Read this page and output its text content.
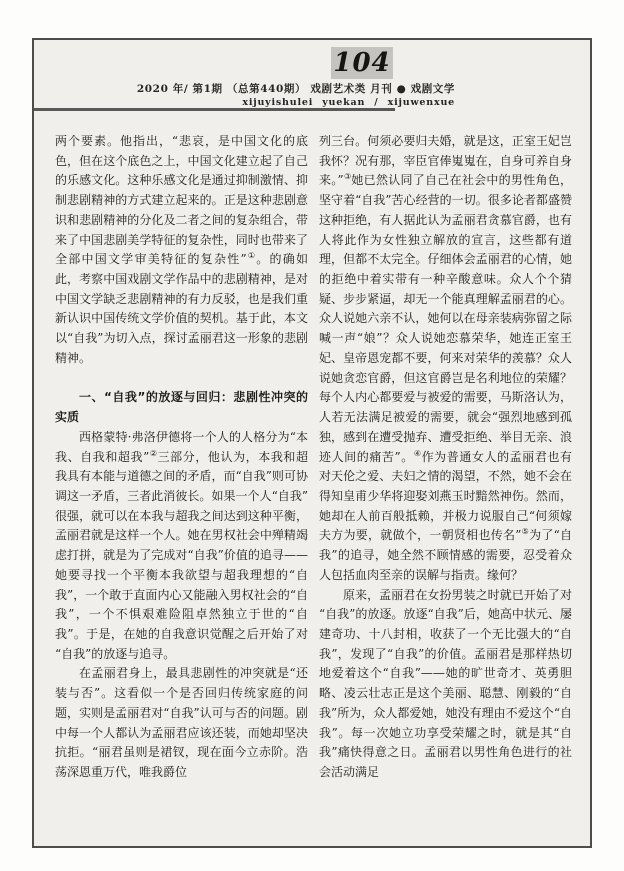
104
2020 年/ 第1期 （总第440期） 戏剧艺术类 月刊 ● 戏剧文学
xijuyishulei yuekan / xijuwenxue

两个要素。他指出，“悲哀，是中国文化的底色，但在这个底色之上，中国文化建立起了自己的乐感文化。这种乐感文化是通过抑制激情、抑制悲剧精神的方式建立起来的。正是这种悲剧意识和悲剧精神的分化及二者之间的复杂组合，带来了中国悲剧美学特征的复杂性，同时也带来了全部中国文学审美特征的复杂性”①。的确如此，考察中国戏剧文学作品中的悲剧精神，是对中国文学缺乏悲剧精神的有力反驳，也是我们重新认识中国传统文学价值的契机。基于此，本文以“自我”为切入点，探讨孟丽君这一形象的悲剧精神。

一、“自我”的放逐与回归：悲剧性冲突的实质

西格蒙特·弗洛伊德将一个人的人格分为“本我、自我和超我”②三部分，他认为，本我和超我具有本能与道德之间的矛盾，而“自我”则可协调这一矛盾，三者此消彼长。如果一个人“自我”很强，就可以在本我与超我之间达到这种平衡，孟丽君就是这样一个人。她在男权社会中殚精竭虑打拼，就是为了完成对“自我”价值的追寻——她要寻找一个平衡本我欲望与超我理想的“自我”，一个敢于直面内心又能融入男权社会的“自我”，一个不惧艰难险阻卓然独立于世的“自我”。于是，在她的自我意识觉醒之后开始了对“自我”的放逐与追寻。

在孟丽君身上，最具悲剧性的冲突就是“还装与否”。这看似一个是否回归传统家庭的问题，实则是孟丽君对“自我”认可与否的问题。剧中每一个人都认为孟丽君应该还装，而她却坚决抗拒。“丽君虽则是裙钗，现在面今立赤阶。浩荡深恩重万代，唯我爵位

列三台。何须必要归夫婚，就是这，正室王妃岂我怀？况有那，宰臣官俸嵬嵬在，自身可养自身来。”③她已然认同了自己在社会中的男性角色，坚守着“自我”苦心经营的一切。很多论者都盛赞这种拒绝，有人据此认为孟丽君贪慕官爵，也有人将此作为女性独立解放的宣言，这些都有道理，但都不太完全。仔细体会孟丽君的心情，她的拒绝中着实带有一种辛酸意味。众人个个猜疑、步步紧逼，却无一个能真理解孟丽君的心。众人说她六亲不认，她何以在母亲装病弥留之际喊一声“娘”？众人说她恋慕荣华，她连正室王妃、皇帝恩宠都不要，何来对荣华的羡慕？众人说她贪恋官爵，但这官爵岂是名利地位的荣耀？每个人内心都要爱与被爱的需要，马斯洛认为，人若无法满足被爱的需要，就会“强烈地感到孤独，感到在遭受抛弃、遭受拒绝、举目无亲、浪迹人间的痛苦”。④作为普通女人的孟丽君也有对天伦之爱、夫妇之情的渴望，不然，她不会在得知皇甫少华将迎娶刘燕玉时黯然神伤。然而，她却在人前百般抵赖，并极力说服自己“何须嫁夫方为要，就做个，一朝贤相也传名”⑤为了“自我”的追寻，她全然不顾情感的需要，忍受着众人包括血肉至亲的误解与指责。缘何？

原来，孟丽君在女扮男装之时就已开始了对“自我”的放逐。放逐“自我”后，她高中状元、屡建奇功、十八封相，收获了一个无比强大的“自我”，发现了“自我”的价值。孟丽君是那样热切地爱着这个“自我”——她的旷世奇才、英勇胆略、凌云壮志正是这个美丽、聪慧、刚毅的“自我”所为，众人都爱她，她没有理由不爱这个“自我”。每一次她立功享受荣耀之时，就是其“自我”痛快得意之日。孟丽君以男性角色进行的社会活动满足
